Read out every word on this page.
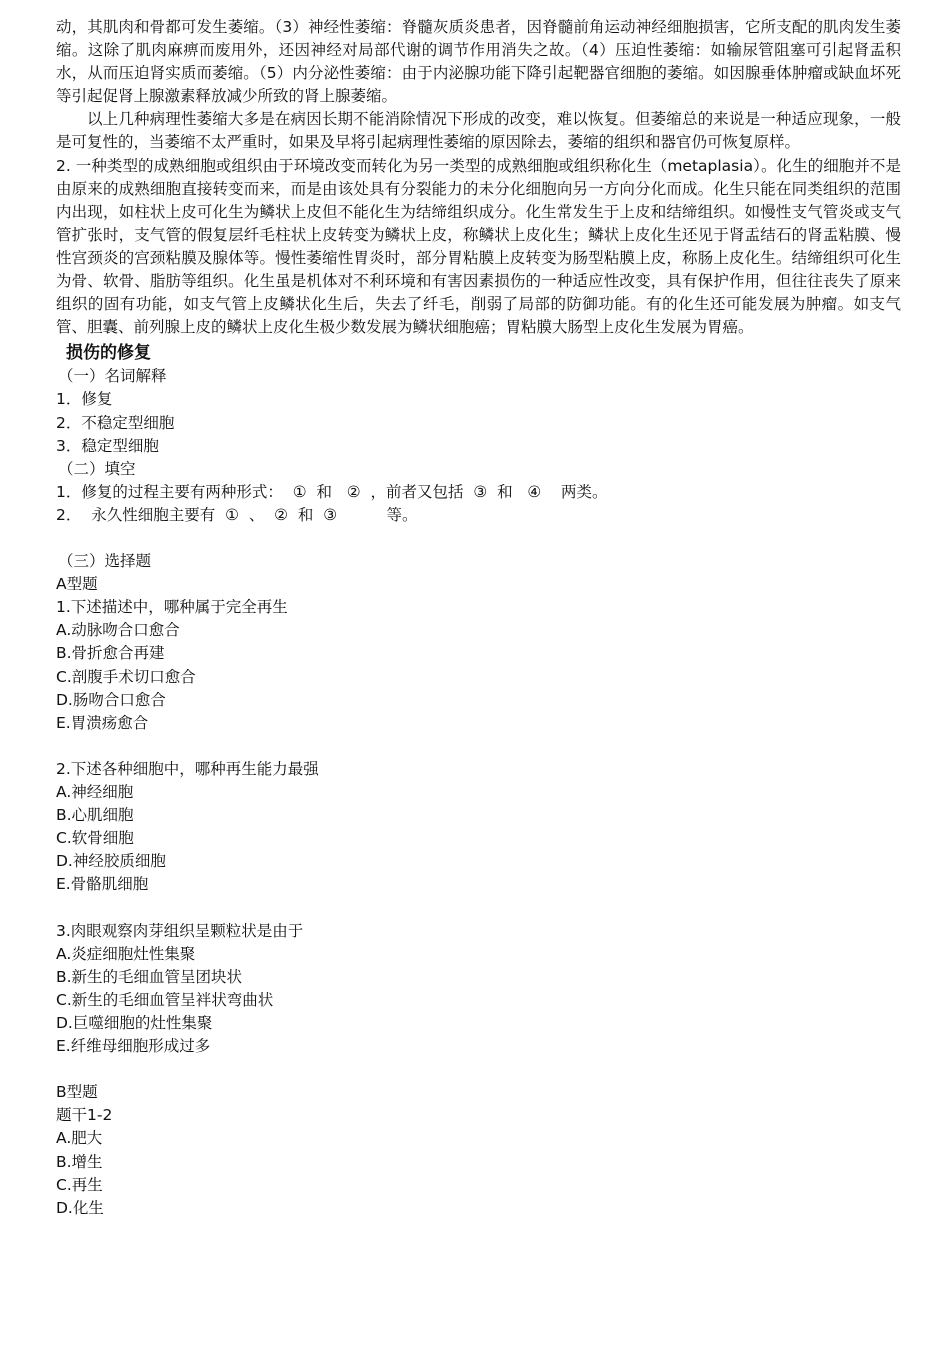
动，其肌肉和骨都可发生萎缩。（3）神经性萎缩：脊髓灰质炎患者，因脊髓前角运动神经细胞损害，它所支配的肌肉发生萎缩。这除了肌肉麻痹而废用外，还因神经对局部代谢的调节作用消失之故。（4）压迫性萎缩：如输尿管阻塞可引起肾盂积水，从而压迫肾实质而萎缩。（5）内分泌性萎缩：由于内泌腺功能下降引起靶器官细胞的萎缩。如因腺垂体肿瘤或缺血坏死等引起促肾上腺激素释放减少所致的肾上腺萎缩。

以上几种病理性萎缩大多是在病因长期不能消除情况下形成的改变，难以恢复。但萎缩总的来说是一种适应现象，一般是可复性的，当萎缩不太严重时，如果及早将引起病理性萎缩的原因除去，萎缩的组织和器官仍可恢复原样。

2. 一种类型的成熟细胞或组织由于环境改变而转化为另一类型的成熟细胞或组织称化生（metaplasia）。化生的细胞并不是由原来的成熟细胞直接转变而来，而是由该处具有分裂能力的未分化细胞向另一方向分化而成。化生只能在同类组织的范围内出现，如柱状上皮可化生为鳞状上皮但不能化生为结缔组织成分。化生常发生于上皮和结缔组织。如慢性支气管炎或支气管扩张时，支气管的假复层纤毛柱状上皮转变为鳞状上皮，称鳞状上皮化生；鳞状上皮化生还见于肾盂结石的肾盂粘膜、慢性宫颈炎的宫颈粘膜及腺体等。慢性萎缩性胃炎时，部分胃粘膜上皮转变为肠型粘膜上皮，称肠上皮化生。结缔组织可化生为骨、软骨、脂肪等组织。化生虽是机体对不利环境和有害因素损伤的一种适应性改变，具有保护作用，但往往丧失了原来组织的固有功能，如支气管上皮鳞状化生后，失去了纤毛，削弱了局部的防御功能。有的化生还可能发展为肿瘤。如支气管、胆囊、前列腺上皮的鳞状上皮化生极少数发展为鳞状细胞癌；胃粘膜大肠型上皮化生发展为胃癌。

损伤的修复

（一）名词解释

1．修复

2．不稳定型细胞

3．稳定型细胞

（二）填空

1．修复的过程主要有两种形式：  ①  和   ②  ，前者又包括  ③  和   ④    两类。

2．  永久性细胞主要有  ①  、  ②  和  ③          等。

（三）选择题

A型题

1.下述描述中，哪种属于完全再生

A.动脉吻合口愈合
B.骨折愈合再建
C.剖腹手术切口愈合
D.肠吻合口愈合
E.胃溃疡愈合

2.下述各种细胞中，哪种再生能力最强

A.神经细胞
B.心肌细胞
C.软骨细胞
D.神经胶质细胞
E.骨骼肌细胞

3.肉眼观察肉芽组织呈颗粒状是由于

A.炎症细胞灶性集聚
B.新生的毛细血管呈团块状
C.新生的毛细血管呈袢状弯曲状
D.巨噬细胞的灶性集聚
E.纤维母细胞形成过多

B型题

题干1-2

A.肥大
B.增生
C.再生
D.化生
